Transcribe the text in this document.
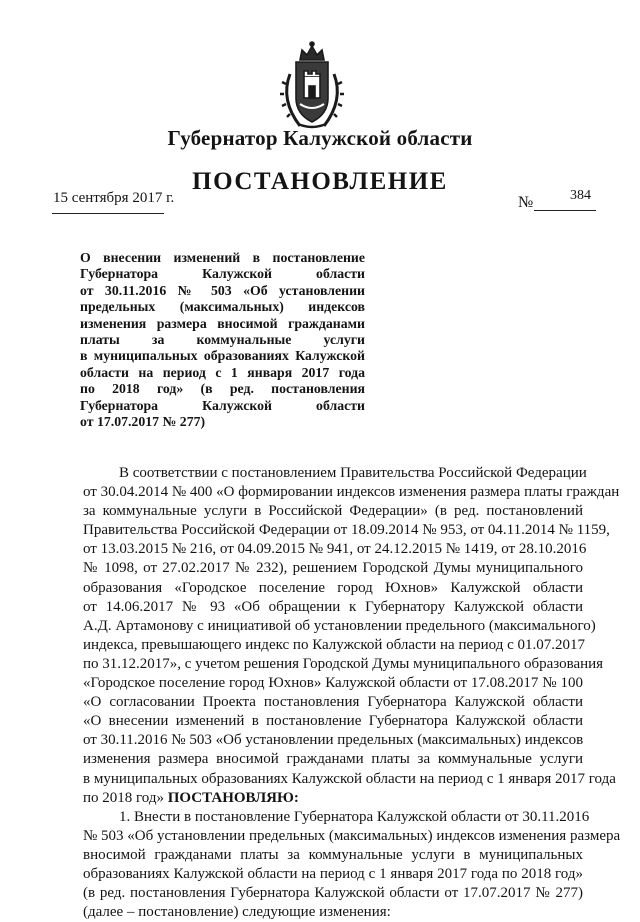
Губернатор Калужской области
ПОСТАНОВЛЕНИЕ
15 сентября 2017 г.	№	384
О внесении изменений в постановление
Губернатора Калужской области
от 30.11.2016 № 503 «Об установлении
предельных (максимальных) индексов
изменения размера вносимой гражданами
платы за коммунальные услуги
в муниципальных образованиях Калужской
области на период с 1 января 2017 года
по 2018 год» (в ред. постановления
Губернатора Калужской области
от 17.07.2017 № 277)
В соответствии с постановлением Правительства Российской Федерации
от 30.04.2014 № 400 «О формировании индексов изменения размера платы граждан
за коммунальные услуги в Российской Федерации» (в ред. постановлений
Правительства Российской Федерации от 18.09.2014 № 953, от 04.11.2014 № 1159,
от 13.03.2015 № 216, от 04.09.2015 № 941, от 24.12.2015 № 1419, от 28.10.2016
№ 1098, от 27.02.2017 № 232), решением Городской Думы муниципального
образования «Городское поселение город Юхнов» Калужской области
от 14.06.2017 № 93 «Об обращении к Губернатору Калужской области
А.Д. Артамонову с инициативой об установлении предельного (максимального)
индекса, превышающего индекс по Калужской области на период с 01.07.2017
по 31.12.2017», с учетом решения Городской Думы муниципального образования
«Городское поселение город Юхнов» Калужской области от 17.08.2017 № 100
«О согласовании Проекта постановления Губернатора Калужской области
«О внесении изменений в постановление Губернатора Калужской области
от 30.11.2016 № 503 «Об установлении предельных (максимальных) индексов
изменения размера вносимой гражданами платы за коммунальные услуги
в муниципальных образованиях Калужской области на период с 1 января 2017 года
по 2018 год» ПОСТАНОВЛЯЮ:
1. Внести в постановление Губернатора Калужской области от 30.11.2016
№ 503 «Об установлении предельных (максимальных) индексов изменения размера
вносимой гражданами платы за коммунальные услуги в муниципальных
образованиях Калужской области на период с 1 января 2017 года по 2018 год»
(в ред. постановления Губернатора Калужской области от 17.07.2017 № 277)
(далее – постановление) следующие изменения:
